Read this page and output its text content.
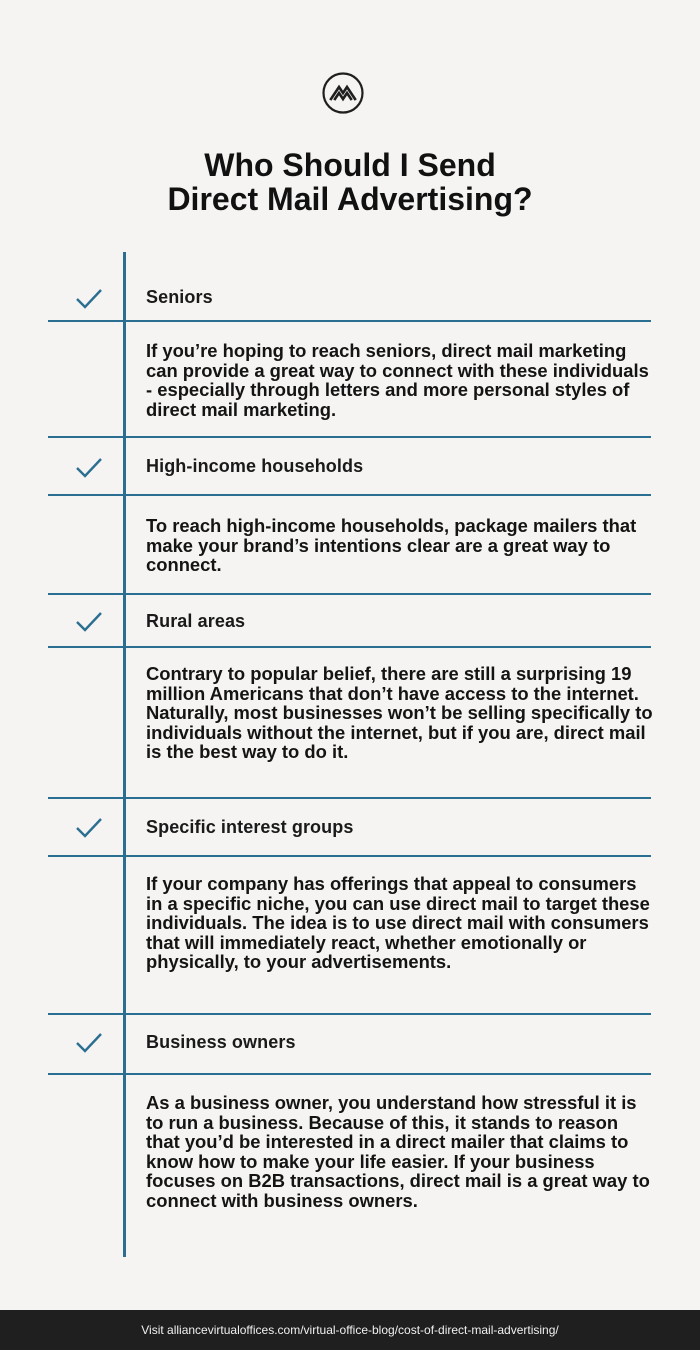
Who Should I Send
Direct Mail Advertising?
Seniors

If you’re hoping to reach seniors, direct mail marketing can provide a great way to connect with these individuals - especially through letters and more personal styles of direct mail marketing.

High-income households

To reach high-income households, package mailers that make your brand’s intentions clear are a great way to connect.

Rural areas

Contrary to popular belief, there are still a surprising 19 million Americans that don’t have access to the internet. Naturally, most businesses won’t be selling specifically to individuals without the internet, but if you are, direct mail is the best way to do it.

Specific interest groups

If your company has offerings that appeal to consumers in a specific niche, you can use direct mail to target these individuals. The idea is to use direct mail with consumers that will immediately react, whether emotionally or physically, to your advertisements.

Business owners

As a business owner, you understand how stressful it is to run a business. Because of this, it stands to reason that you’d be interested in a direct mailer that claims to know how to make your life easier. If your business focuses on B2B transactions, direct mail is a great way to connect with business owners.

Visit alliancevirtualoffices.com/virtual-office-blog/cost-of-direct-mail-advertising/
